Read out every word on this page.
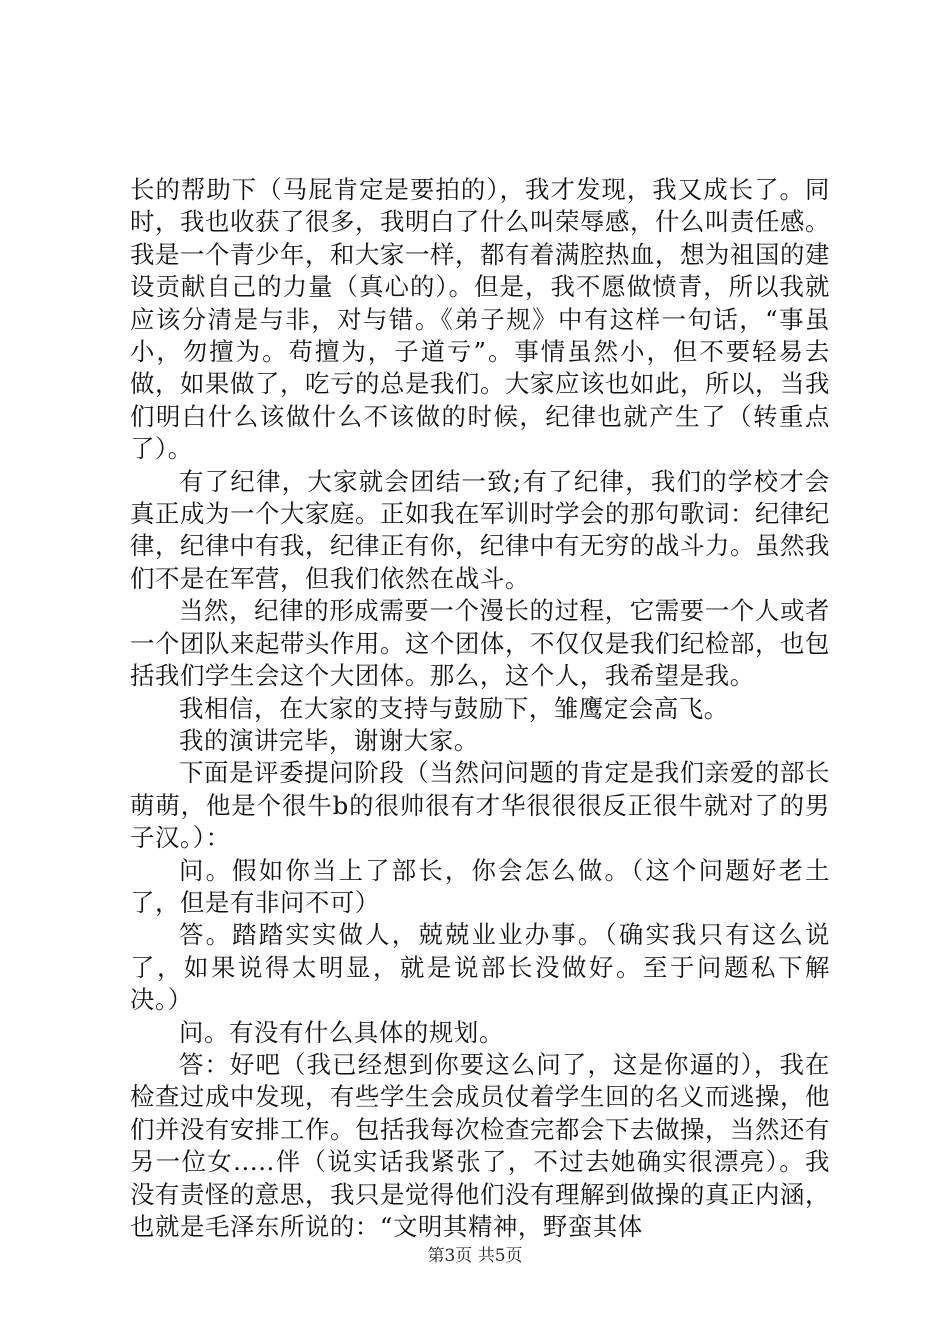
长的帮助下（马屁肯定是要拍的），我才发现，我又成长了。同时，我也收获了很多，我明白了什么叫荣辱感，什么叫责任感。我是一个青少年，和大家一样，都有着满腔热血，想为祖国的建设贡献自己的力量（真心的）。但是，我不愿做愤青，所以我就应该分清是与非，对与错。《弟子规》中有这样一句话，“事虽小，勿擅为。苟擅为，子道亏”。事情虽然小，但不要轻易去做，如果做了，吃亏的总是我们。大家应该也如此，所以，当我们明白什么该做什么不该做的时候，纪律也就产生了（转重点了）。

有了纪律，大家就会团结一致;有了纪律，我们的学校才会真正成为一个大家庭。正如我在军训时学会的那句歌词：纪律纪律，纪律中有我，纪律正有你，纪律中有无穷的战斗力。虽然我们不是在军营，但我们依然在战斗。

当然，纪律的形成需要一个漫长的过程，它需要一个人或者一个团队来起带头作用。这个团体，不仅仅是我们纪检部，也包括我们学生会这个大团体。那么，这个人，我希望是我。

我相信，在大家的支持与鼓励下，雏鹰定会高飞。

我的演讲完毕，谢谢大家。

下面是评委提问阶段（当然问问题的肯定是我们亲爱的部长萌萌，他是个很牛b的很帅很有才华很很很反正很牛就对了的男子汉。）：

问。假如你当上了部长，你会怎么做。（这个问题好老土了，但是有非问不可）

答。踏踏实实做人，兢兢业业办事。（确实我只有这么说了，如果说得太明显，就是说部长没做好。至于问题私下解决。）

问。有没有什么具体的规划。

答：好吧（我已经想到你要这么问了，这是你逼的），我在检查过成中发现，有些学生会成员仗着学生回的名义而逃操，他们并没有安排工作。包括我每次检查完都会下去做操，当然还有另一位女.....伴（说实话我紧张了，不过去她确实很漂亮）。我没有责怪的意思，我只是觉得他们没有理解到做操的真正内涵，也就是毛泽东所说的：“文明其精神，野蛮其体

第3页 共5页
